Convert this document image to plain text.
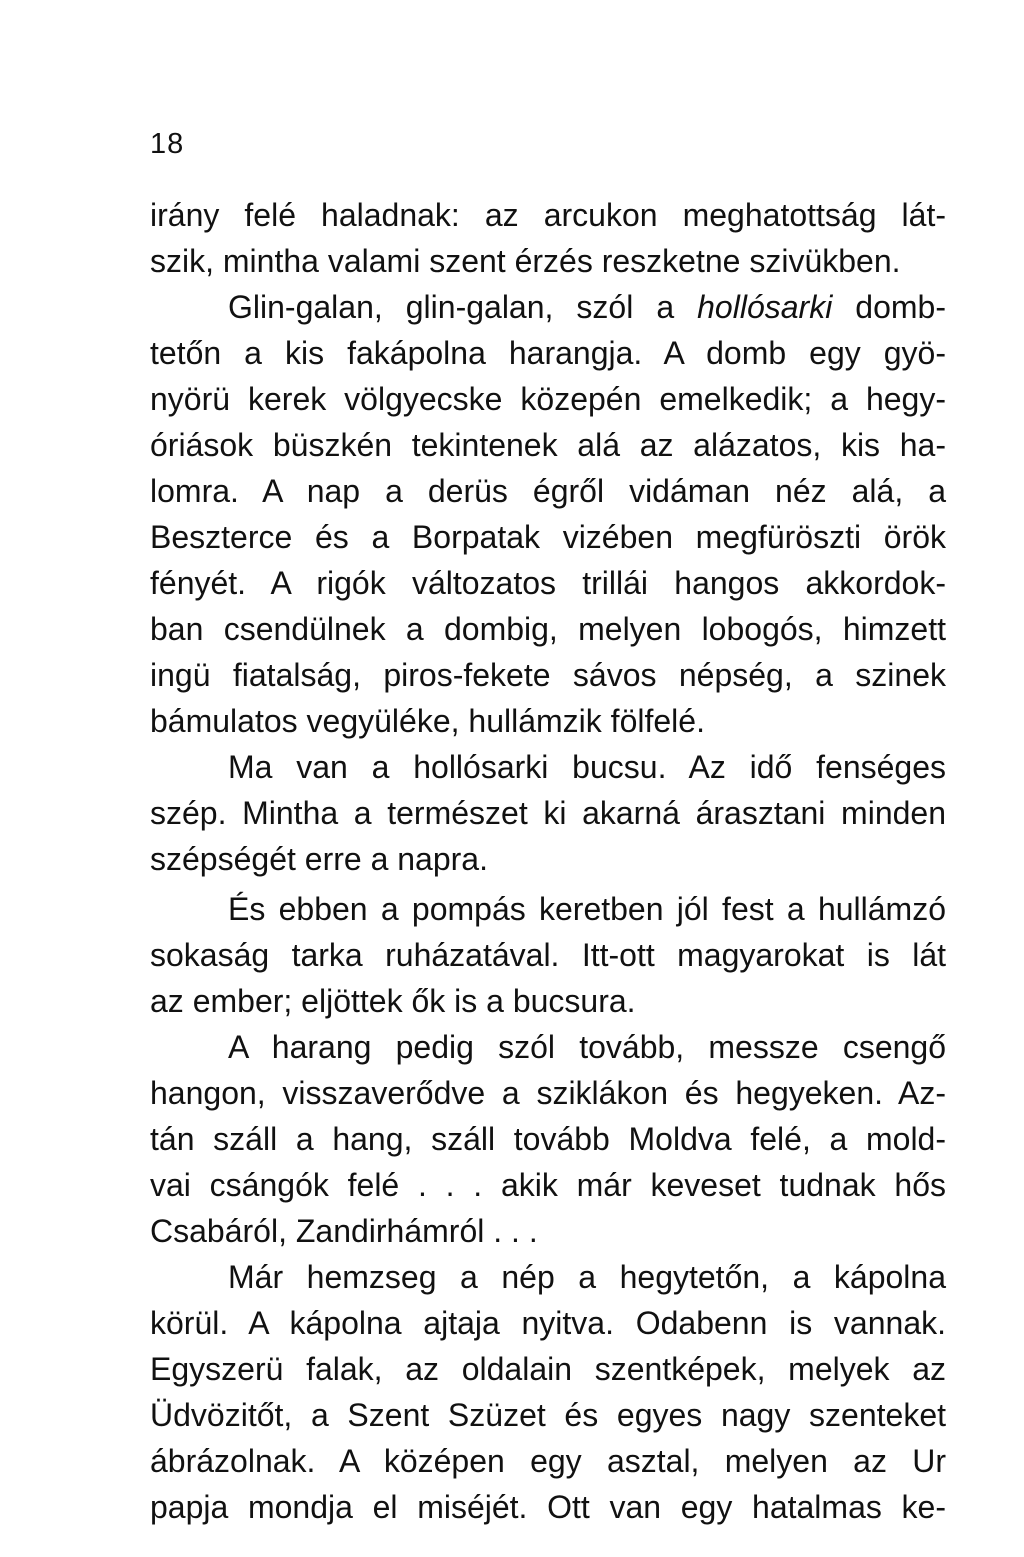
18
irány felé haladnak: az arcukon meghatottság lát-
szik, mintha valami szent érzés reszketne szivükben.
Glin-galan, glin-galan, szól a hollósarki domb-
tetőn a kis fakápolna harangja. A domb egy gyö-
nyörü kerek völgyecske közepén emelkedik; a hegy-
óriások büszkén tekintenek alá az alázatos, kis ha-
lomra. A nap a derüs égről vidáman néz alá, a
Beszterce és a Borpatak vizében megfüröszti örök
fényét. A rigók változatos trillái hangos akkordok-
ban csendülnek a dombig, melyen lobogós, himzett
ingü fiatalság, piros-fekete sávos népség, a szinek
bámulatos vegyüléke, hullámzik fölfelé.
Ma van a hollósarki bucsu. Az idő fenséges
szép. Mintha a természet ki akarná árasztani minden
szépségét erre a napra.
És ebben a pompás keretben jól fest a hullámzó
sokaság tarka ruházatával. Itt-ott magyarokat is lát
az ember; eljöttek ők is a bucsura.
A harang pedig szól tovább, messze csengő
hangon, visszaverődve a sziklákon és hegyeken. Az-
tán száll a hang, száll tovább Moldva felé, a mold-
vai csángók felé . . . akik már keveset tudnak hős
Csabáról, Zandirhámról . . .
Már hemzseg a nép a hegytetőn, a kápolna
körül. A kápolna ajtaja nyitva. Odabenn is vannak.
Egyszerü falak, az oldalain szentképek, melyek az
Üdvözitőt, a Szent Szüzet és egyes nagy szenteket
ábrázolnak. A középen egy asztal, melyen az Ur
papja mondja el miséjét. Ott van egy hatalmas ke-
